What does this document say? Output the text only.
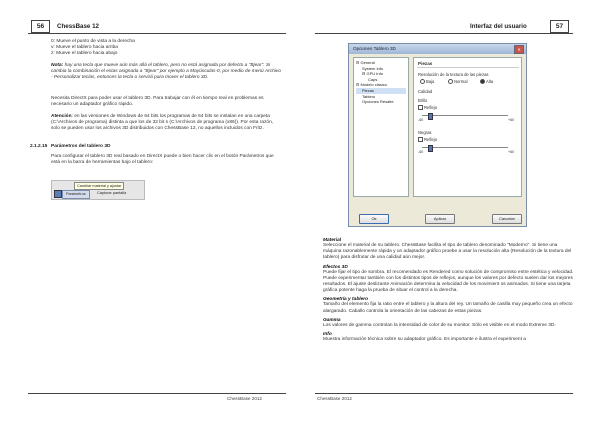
56	ChessBase 12
0: Mueve el punto de vista a la derecha
v: Mueve el tablero hacia arriba
z: Mueve el tablero hacia abajo
Nota: hay una tecla que mueve aún más allá el tablero, pero no está asignada por defecto a "Bjear". Si cambia la combinación el estas asignada a "Bjear" por ejemplo a Mayúsculas-0, por medio de menú Archivo - Personalizar teclas, entonces la tecla o servirá para mover el tablero 3D.
Necesita DirectX para poder usar el tablero 3D. Para trabajar con él en tiempo real en problemas es necesario un adaptador gráfico rápido.
Atención: en las versiones de Windows de 64 bits los programas de 64 bits se instalan en una carpeta (C:\Archivos de programa) distinta a que los de 32 bit s (C:\Archivos de programa (x86)). Por esta razón, solo se pueden usar los archivos 3D distribuidos con ChessBase 12, no aquellos incluidos con Fritz.
2.1.2.15 Parámetros del tablero 3D
Para configurar el tablero 3D real basado en DirectX puede o bien hacer clic en el botón Parámetros que está en la barra de herramientas bajo el tablero:
Cambiar material y ajustar
Parámetros	Capturar pantalla
ChessBase 2012
Interfaz del usuario	57
Opciones Tablero 3D	✕
⊟ General
System Info
⊟ GPU Info
Caps
⊟ Modelo clásico
Piezas
Tablero
Opciones Resalte
Piezas
Resolución de la textura de las piezas
Baja	Normal	Alta
Calidad
Brillo
Reflejo
-60	+60
Negras
Reflejo
-60	+60
Ok	Aplicar	Cancelar
Material
Seleccione el material de su tablero. ChessBase facilita el tipo de tablero denominado "Moderno". Si tiene una máquina razonablemente rápida y un adaptador gráfico pruebe a usar la resolución alta (Resolución de la textura del tablero) para disfrutar de una calidad aún mejor.
Efectos 3D
Puede fijar el tipo de sombra. El recomendado es Rendered como solución de compromiso entre estética y velocidad. Puede experimentar también con los distintos tipos de reflejos, aunque los valores por defecto suelen dar los mejores resultados. El ajuste deslizante Animación determina la velocidad de los movimient os animados. Si tiene una tarjeta gráfica potente haga la prueba de situar el control a la derecha.
Geometría y tablero
Tamaño del elemento fija la ratio entre el tablero y la altura del rey. Un tamaño de casilla muy pequeño crea un efecto alargarado. Caballo controla la orientación de las cabezas de estas piezas.
Gamma
Los valores de gamma controlan la intensidad de color de su monitor. Sólo es visible en el modo Extreme 3D.
Info
Muestra información técnica sobre su adaptador gráfico. Es importante e ilustra el experiment a
ChessBase 2012
